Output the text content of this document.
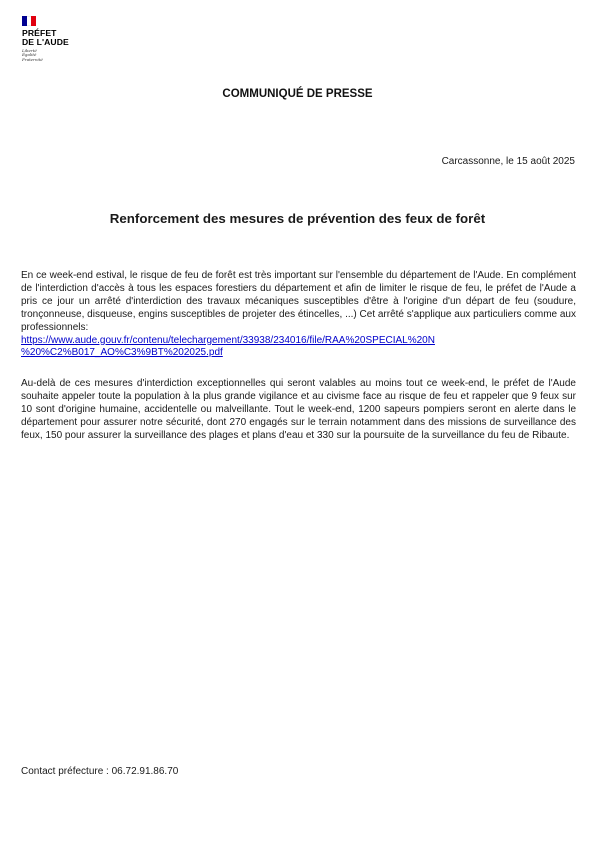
PRÉFET
DE L'AUDE
Liberté
Égalité
Fraternité
COMMUNIQUÉ DE PRESSE
Carcassonne, le 15 août 2025
Renforcement des mesures de prévention des feux de forêt
En ce week-end estival, le risque de feu de forêt est très important sur l'ensemble du département de l'Aude. En complément de l'interdiction d'accès à tous les espaces forestiers du département et afin de limiter le risque de feu, le préfet de l'Aude a pris ce jour un arrêté d'interdiction des travaux mécaniques susceptibles d'être à l'origine d'un départ de feu (soudure, tronçonneuse, disqueuse, engins susceptibles de projeter des étincelles, ...) Cet arrêté s'applique aux particuliers comme aux professionnels:
https://www.aude.gouv.fr/contenu/telechargement/33938/234016/file/RAA%20SPECIAL%20N
%20%C2%B017_AO%C3%9BT%202025.pdf
Au-delà de ces mesures d'interdiction exceptionnelles qui seront valables au moins tout ce week-end, le préfet de l'Aude souhaite appeler toute la population à la plus grande vigilance et au civisme face au risque de feu et rappeler que 9 feux sur 10 sont d'origine humaine, accidentelle ou malveillante. Tout le week-end, 1200 sapeurs pompiers seront en alerte dans le département pour assurer notre sécurité, dont 270 engagés sur le terrain notamment dans des missions de surveillance des feux, 150 pour assurer la surveillance des plages et plans d'eau et 330 sur la poursuite de la surveillance du feu de Ribaute.
Contact préfecture : 06.72.91.86.70
